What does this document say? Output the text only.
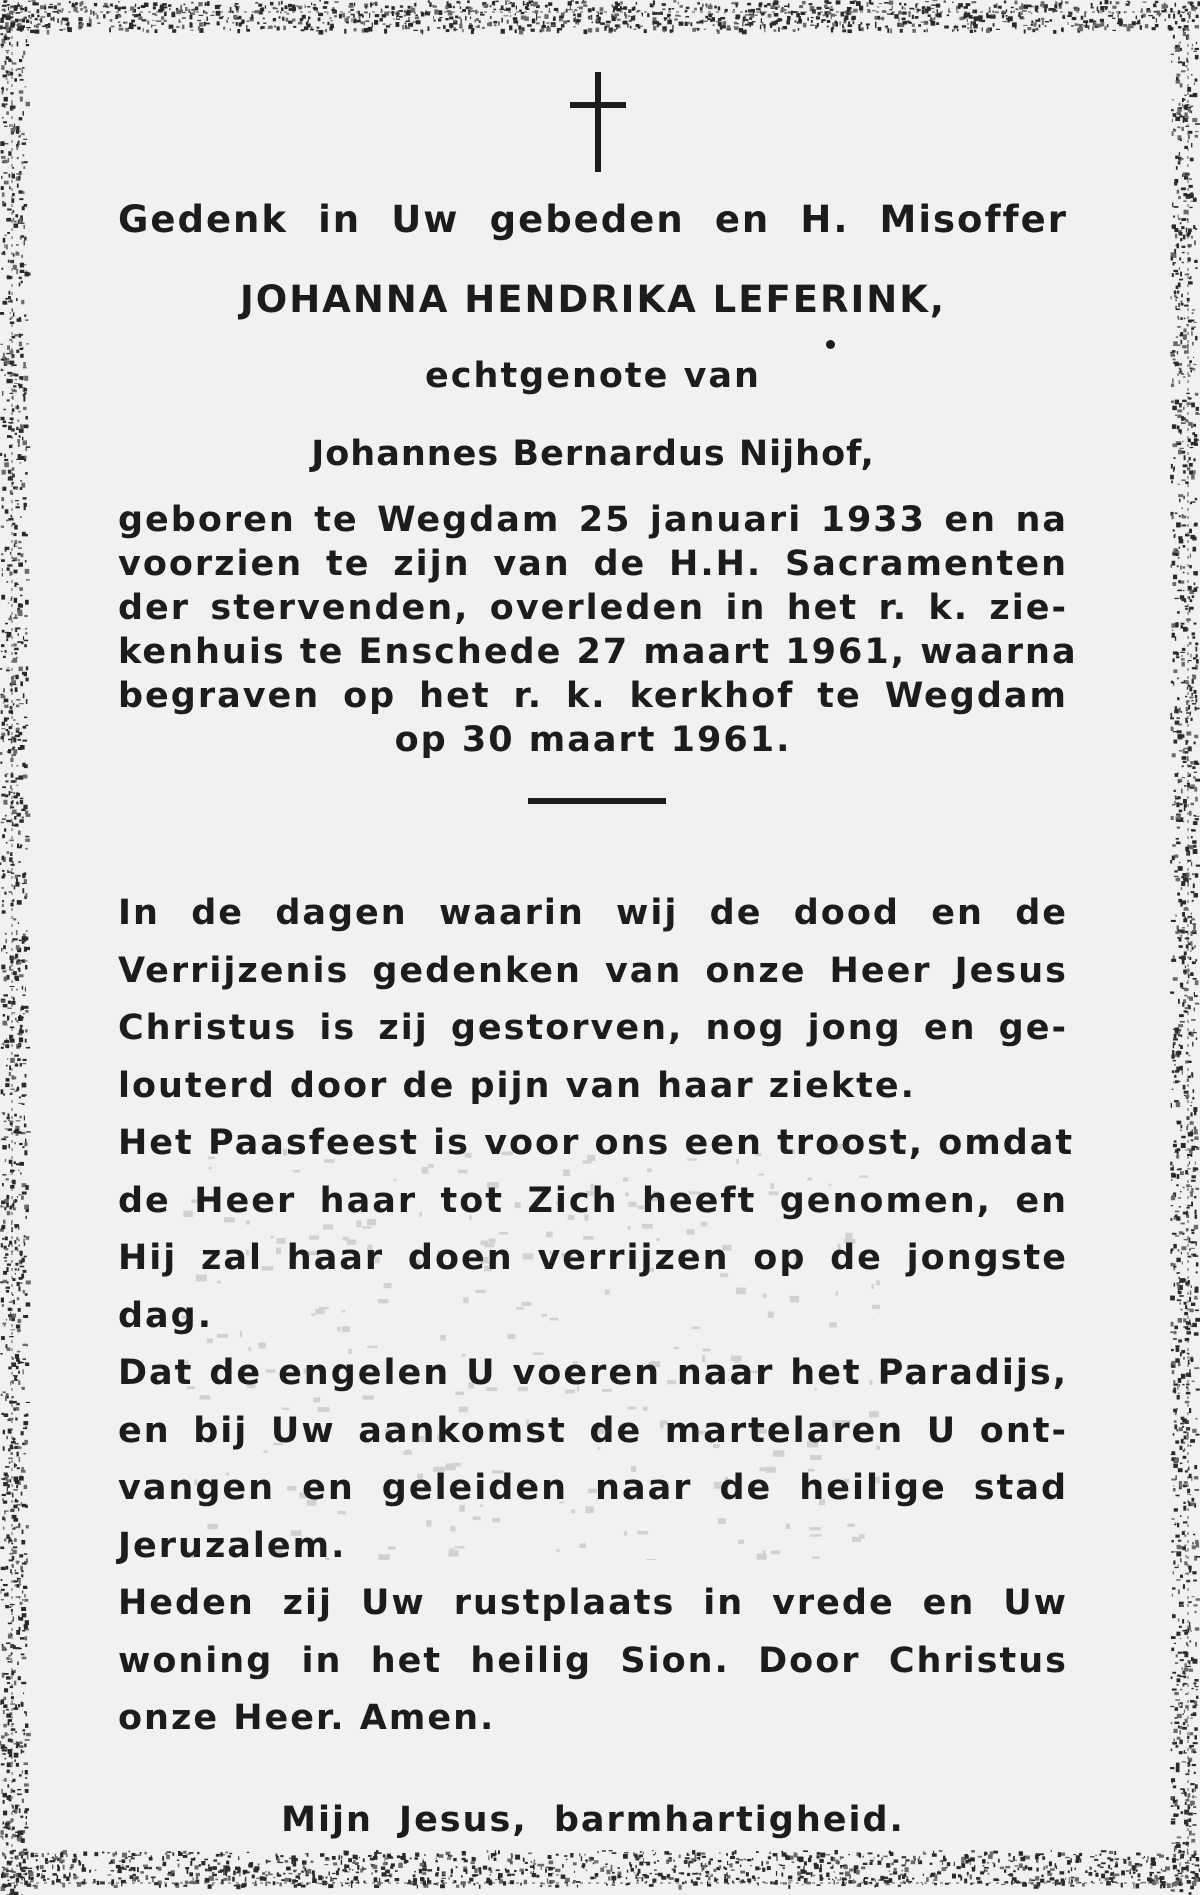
Gedenk in Uw gebeden en H. Misoffer
JOHANNA HENDRIKA LEFERINK,
echtgenote van
Johannes Bernardus Nijhof,
geboren te Wegdam 25 januari 1933 en na
voorzien te zijn van de H.H. Sacramenten
der stervenden, overleden in het r. k. zie-
kenhuis te Enschede 27 maart 1961, waarna
begraven op het r. k. kerkhof te Wegdam
op 30 maart 1961.
In de dagen waarin wij de dood en de
Verrijzenis gedenken van onze Heer Jesus
Christus is zij gestorven, nog jong en ge-
louterd door de pijn van haar ziekte.
Het Paasfeest is voor ons een troost, omdat
de Heer haar tot Zich heeft genomen, en
Hij zal haar doen verrijzen op de jongste
dag.
Dat de engelen U voeren naar het Paradijs,
en bij Uw aankomst de martelaren U ont-
vangen en geleiden naar de heilige stad
Jeruzalem.
Heden zij Uw rustplaats in vrede en Uw
woning in het heilig Sion. Door Christus
onze Heer. Amen.
Mijn Jesus, barmhartigheid.
